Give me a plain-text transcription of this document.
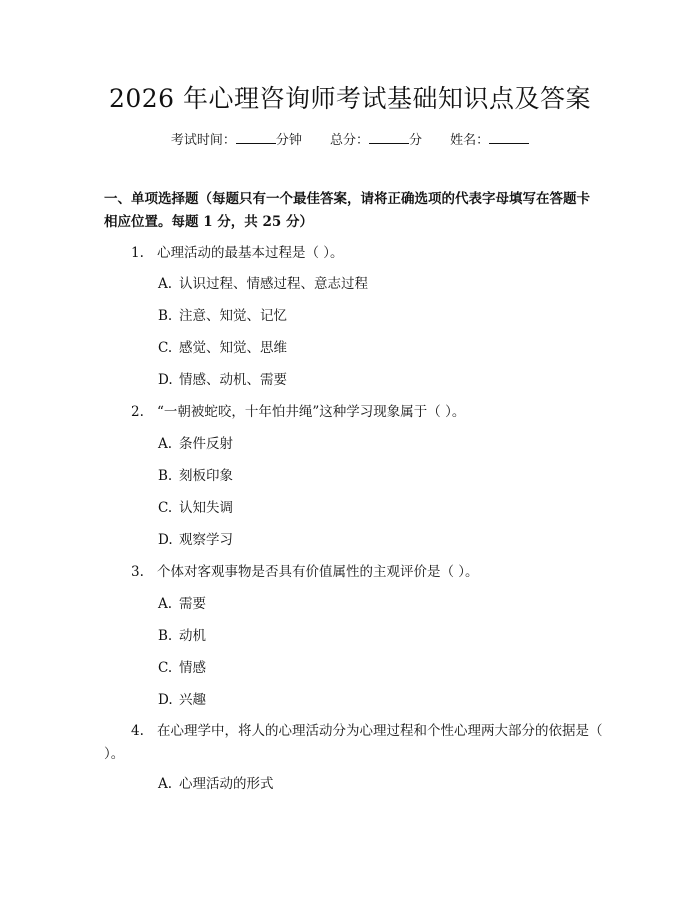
2026 年心理咨询师考试基础知识点及答案
考试时间：	分钟 总分：	分 姓名：
一、单项选择题（每题只有一个最佳答案，请将正确选项的代表字母填写在答题卡相应位置。每题 1 分，共 25 分）
1. 心理活动的最基本过程是（ ）。
A. 认识过程、情感过程、意志过程
B. 注意、知觉、记忆
C. 感觉、知觉、思维
D. 情感、动机、需要
2. “一朝被蛇咬，十年怕井绳”这种学习现象属于（ ）。
A. 条件反射
B. 刻板印象
C. 认知失调
D. 观察学习
3. 个体对客观事物是否具有价值属性的主观评价是（ ）。
A. 需要
B. 动机
C. 情感
D. 兴趣
4. 在心理学中，将人的心理活动分为心理过程和个性心理两大部分的依据是（ ）。
A. 心理活动的形式
